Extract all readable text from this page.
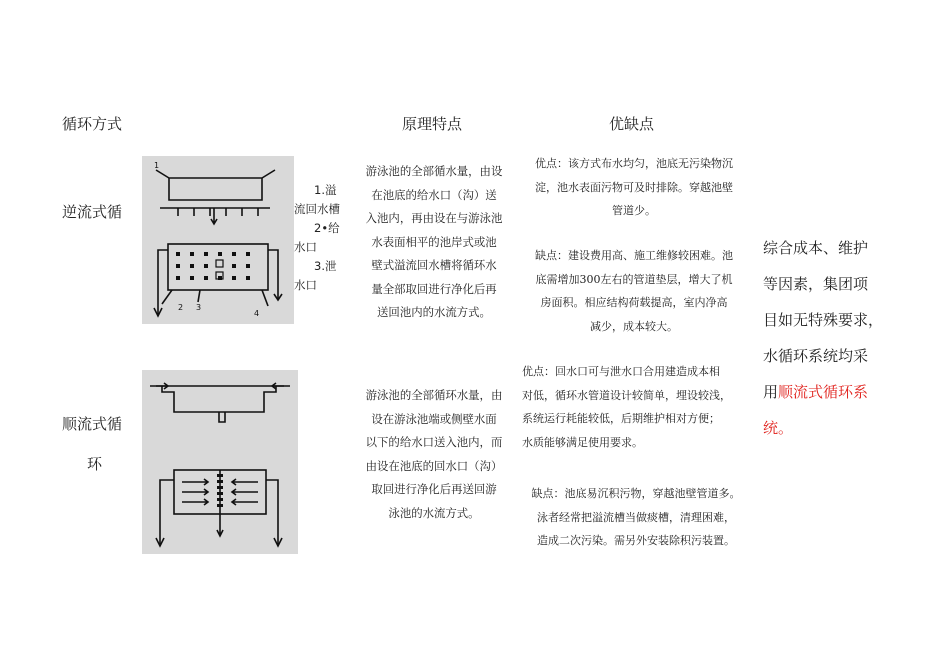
循环方式	原理特点	优缺点
逆流式循
1
2 3
4
1.溢
流回水槽
2•给
水口
3.泄
水口
游泳池的全部循水量，由设
在池底的给水口（沟）送
入池内，再由设在与游泳池
水表面相平的池岸式或池
壁式溢流回水槽将循环水
量全部取回进行净化后再
送回池内的水流方式。
优点：该方式布水均匀，池底无污染物沉
淀，池水表面污物可及时排除。穿越池壁
管道少。
缺点：建设费用高、施工维修较困难。池
底需增加300左右的管道垫层，增大了机
房面积。相应结构荷载提高，室内净高
减少，成本较大。
顺流式循
环
游泳池的全部循环水量，由
设在游泳池端或侧壁水面
以下的给水口送入池内，而
由设在池底的回水口（沟）
取回进行净化后再送回游
泳池的水流方式。
优点：回水口可与泄水口合用建造成本相
对低，循环水管道设计较简单，埋设较浅，
系统运行耗能较低，后期维护相对方便；
水质能够满足使用要求。
缺点：池底易沉积污物，穿越池壁管道多。
泳者经常把溢流槽当做痰槽，清理困难，
造成二次污染。需另外安装除积污装置。
综合成本、维护
等因素，集团项
目如无特殊要求，
水循环系统均采
用顺流式循环系
统。
